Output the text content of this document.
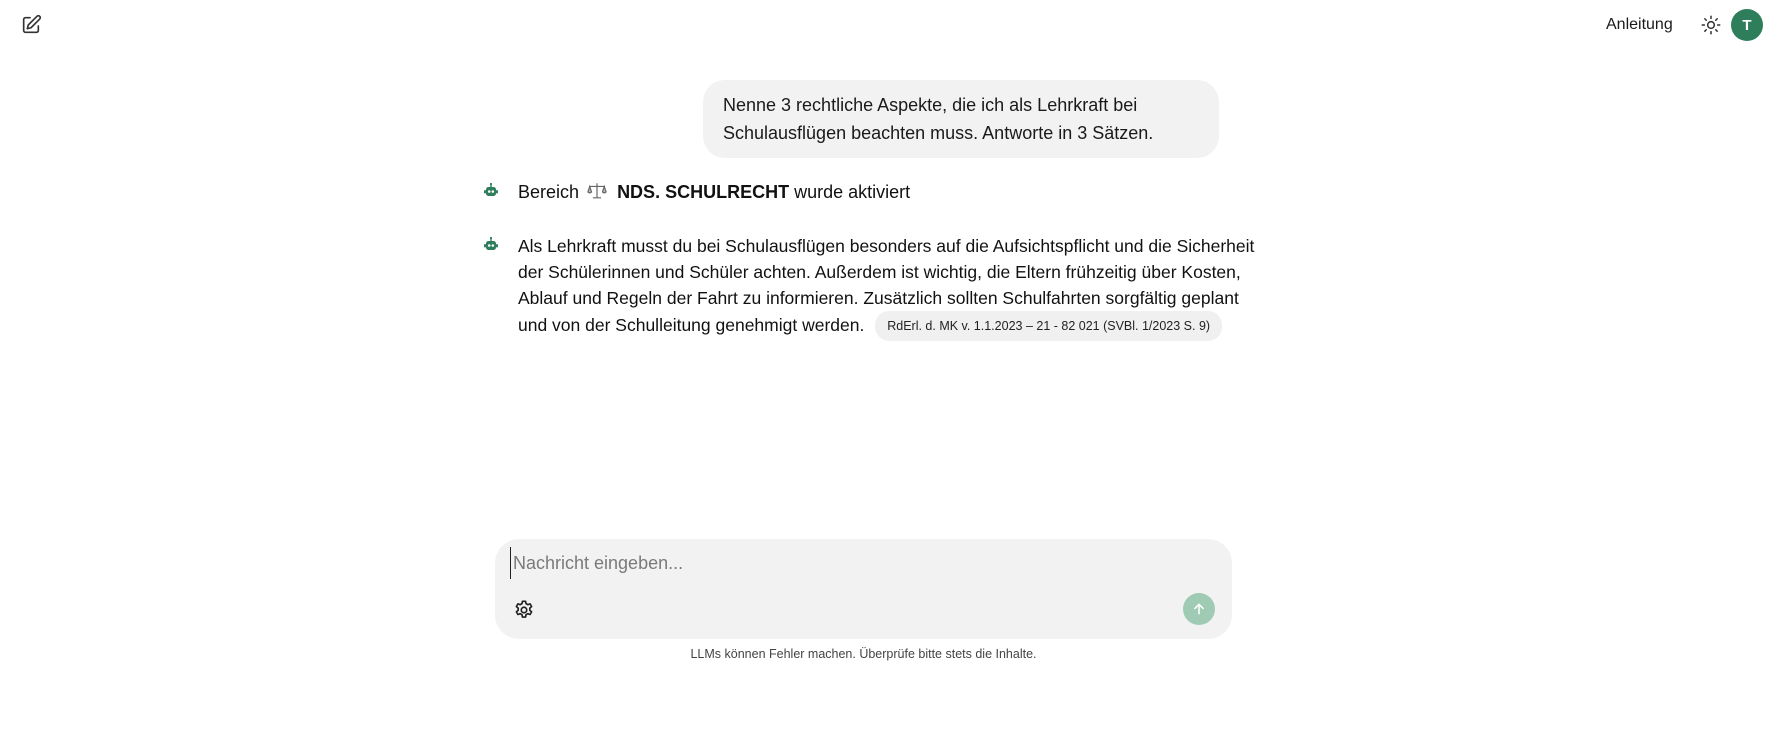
Anleitung	T
Nenne 3 rechtliche Aspekte, die ich als Lehrkraft bei Schulausflügen beachten muss. Antworte in 3 Sätzen.
Bereich NDS. SCHULRECHT wurde aktiviert
Als Lehrkraft musst du bei Schulausflügen besonders auf die Aufsichtspflicht und die Sicherheit der Schülerinnen und Schüler achten. Außerdem ist wichtig, die Eltern frühzeitig über Kosten, Ablauf und Regeln der Fahrt zu informieren. Zusätzlich sollten Schulfahrten sorgfältig geplant und von der Schulleitung genehmigt werden. RdErl. d. MK v. 1.1.2023 – 21 - 82 021 (SVBl. 1/2023 S. 9)
Nachricht eingeben...
LLMs können Fehler machen. Überprüfe bitte stets die Inhalte.
